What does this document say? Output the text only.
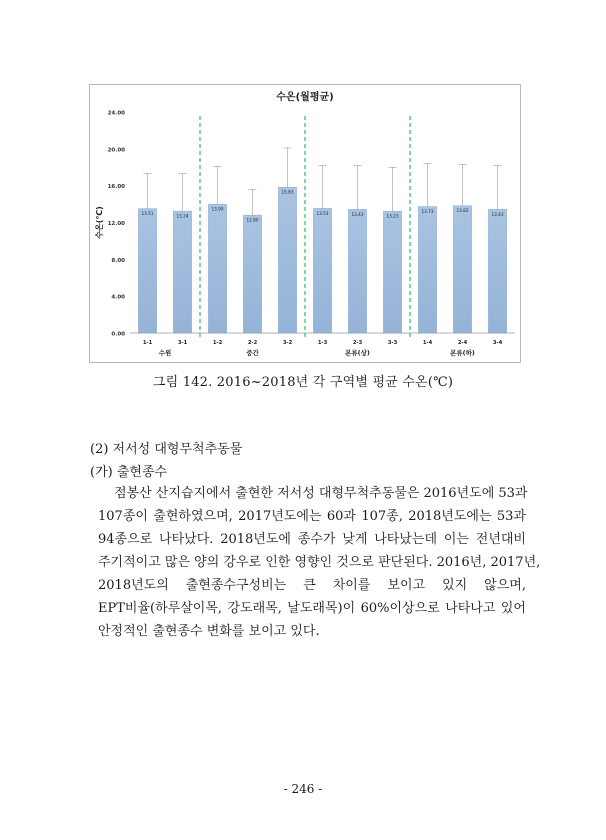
수온(월평균)
0.00
4.00
8.00
12.00
16.00
20.00
24.00
수온(℃)	13.51
1-1
13.24
3-1
13.99
1-2
12.80
2-2
15.83
3-2
13.53
1-3
13.43
2-3
13.23
3-3
13.73
1-4
13.82
2-4
13.43
3-4
수원	중간	본류(상)	본류(하)
그림 142. 2016~2018년 각 구역별 평균 수온(℃)
(2) 저서성 대형무척추동물
(가) 출현종수
점봉산 산지습지에서 출현한 저서성 대형무척추동물은 2016년도에 53과
107종이 출현하였으며, 2017년도에는 60과 107종, 2018년도에는 53과
94종으로 나타났다. 2018년도에 종수가 낮게 나타났는데 이는 전년대비
주기적이고 많은 양의 강우로 인한 영향인 것으로 판단된다. 2016년, 2017년,
2018년도의 출현종수구성비는 큰 차이를 보이고 있지 않으며,
EPT비율(하루살이목, 강도래목, 날도래목)이 60%이상으로 나타나고 있어
안정적인 출현종수 변화를 보이고 있다.
- 246 -
